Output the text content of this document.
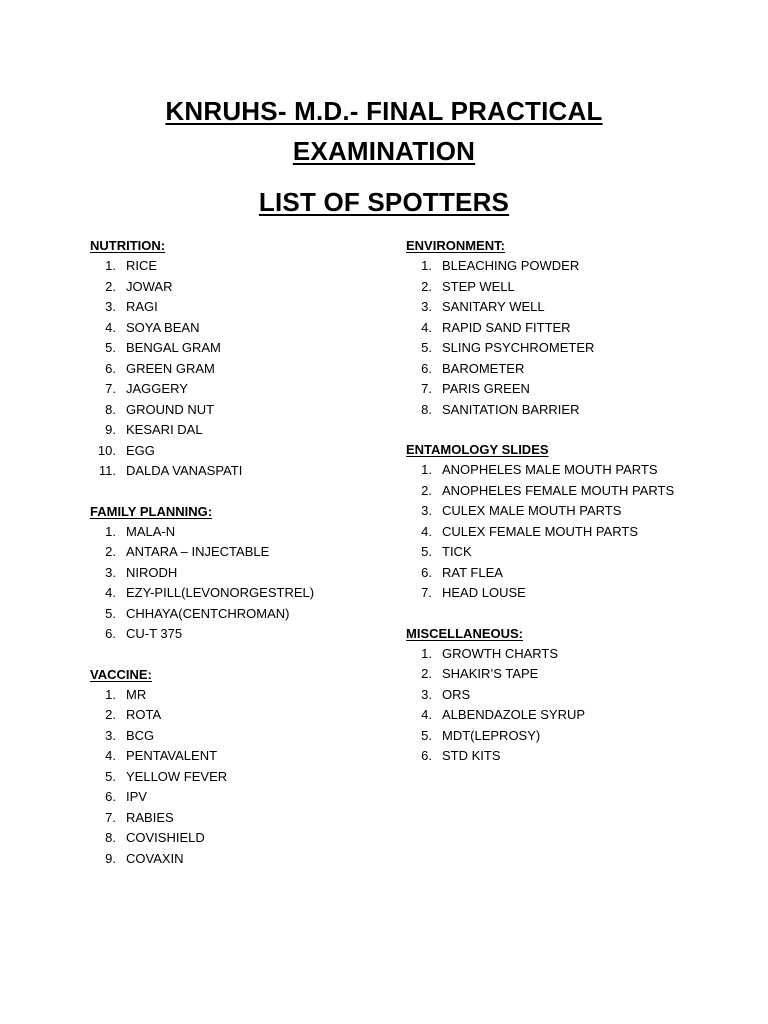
KNRUHS- M.D.- FINAL PRACTICAL
EXAMINATION
LIST OF SPOTTERS
NUTRITION:
1. RICE
2. JOWAR
3. RAGI
4. SOYA BEAN
5. BENGAL GRAM
6. GREEN GRAM
7. JAGGERY
8. GROUND NUT
9. KESARI DAL
10. EGG
11. DALDA VANASPATI
FAMILY PLANNING:
1. MALA-N
2. ANTARA – INJECTABLE
3. NIRODH
4. EZY-PILL(LEVONORGESTREL)
5. CHHAYA(CENTCHROMAN)
6. CU-T 375
VACCINE:
1. MR
2. ROTA
3. BCG
4. PENTAVALENT
5. YELLOW FEVER
6. IPV
7. RABIES
8. COVISHIELD
9. COVAXIN
ENVIRONMENT:
1. BLEACHING POWDER
2. STEP WELL
3. SANITARY WELL
4. RAPID SAND FITTER
5. SLING PSYCHROMETER
6. BAROMETER
7. PARIS GREEN
8. SANITATION BARRIER
ENTAMOLOGY SLIDES
1. ANOPHELES MALE MOUTH PARTS
2. ANOPHELES FEMALE MOUTH PARTS
3. CULEX MALE MOUTH PARTS
4. CULEX FEMALE MOUTH PARTS
5. TICK
6. RAT FLEA
7. HEAD LOUSE
MISCELLANEOUS:
1. GROWTH CHARTS
2. SHAKIR’S TAPE
3. ORS
4. ALBENDAZOLE SYRUP
5. MDT(LEPROSY)
6. STD KITS
